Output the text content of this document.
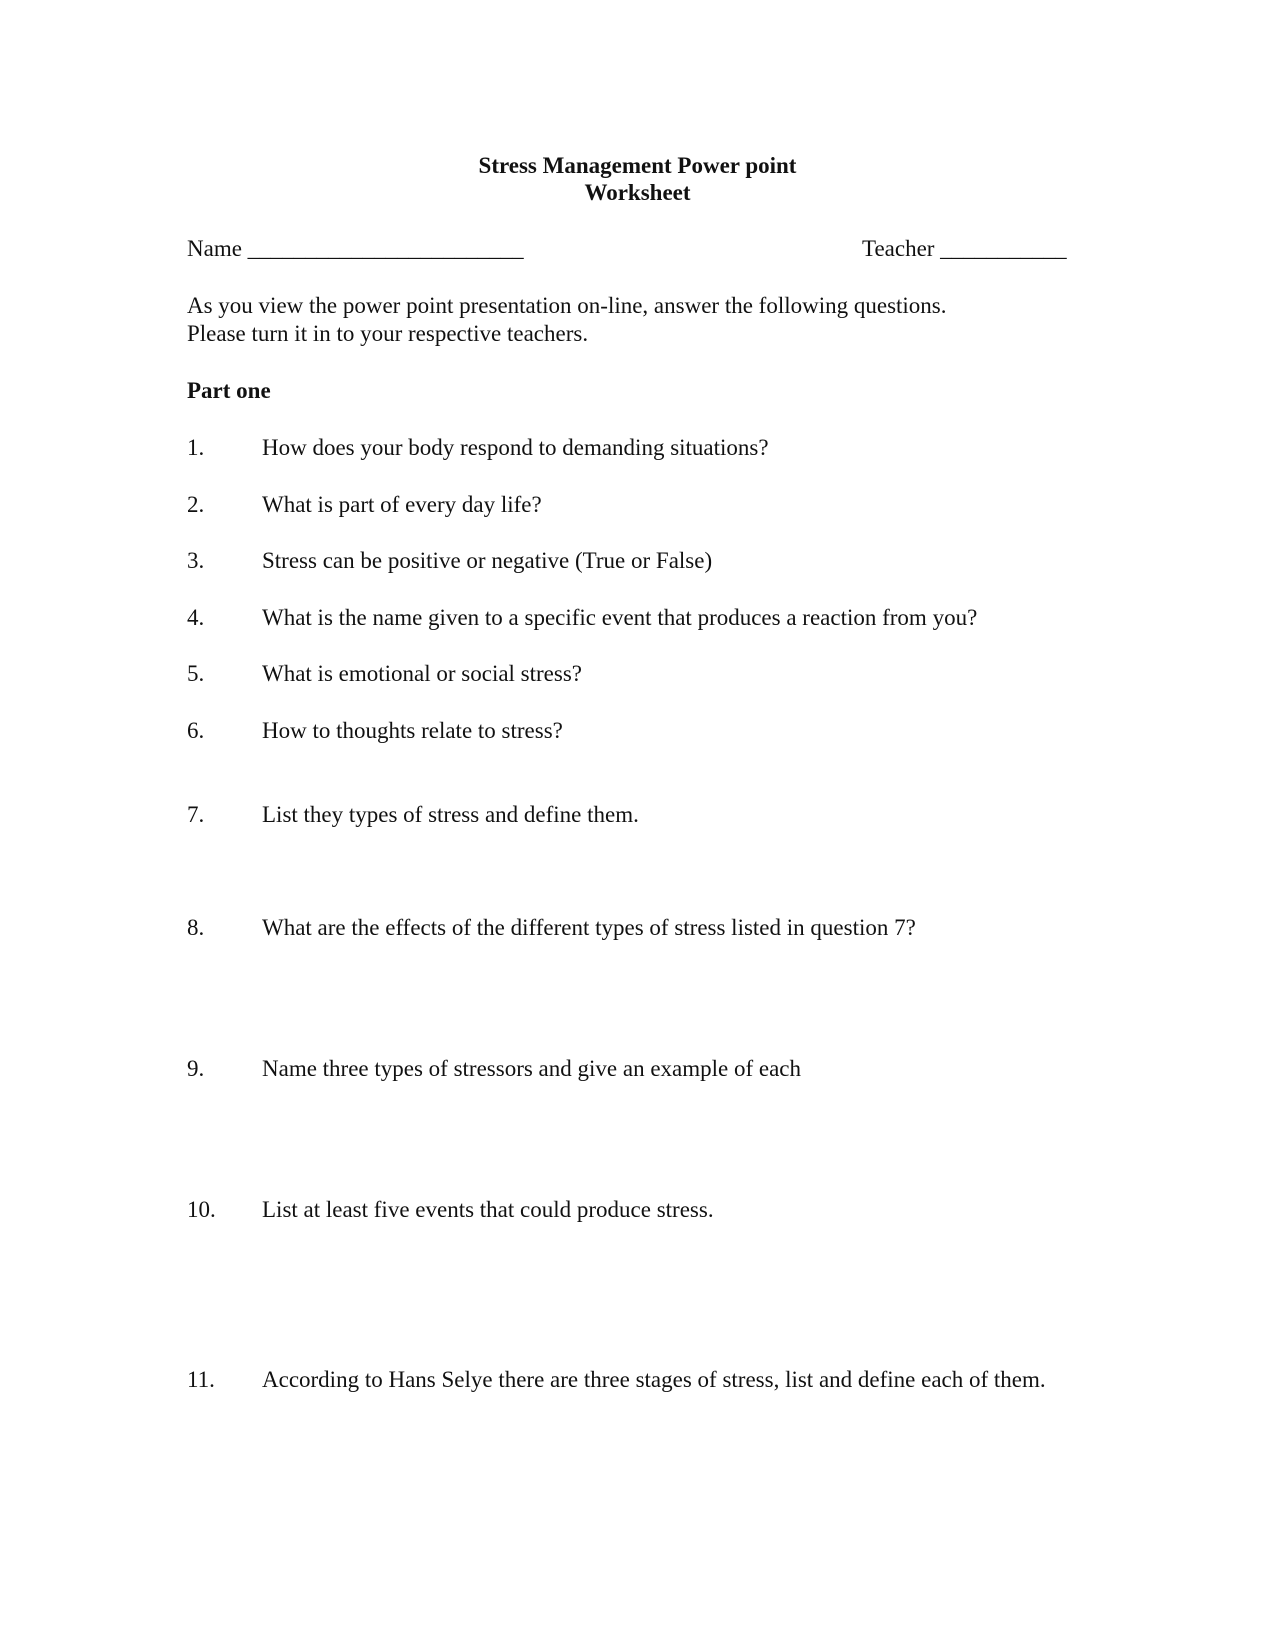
Stress Management Power point
Worksheet
Name ________________________	Teacher ___________
As you view the power point presentation on-line, answer the following questions.
Please turn it in to your respective teachers.
Part one
1.	How does your body respond to demanding situations?
2.	What is part of every day life?
3.	Stress can be positive or negative (True or False)
4.	What is the name given to a specific event that produces a reaction from you?
5.	What is emotional or social stress?
6.	How to thoughts relate to stress?
7.	List they types of stress and define them.
8.	What are the effects of the different types of stress listed in question 7?
9.	Name three types of stressors and give an example of each
10. List at least five events that could produce stress.
11. According to Hans Selye there are three stages of stress, list and define each of them.
